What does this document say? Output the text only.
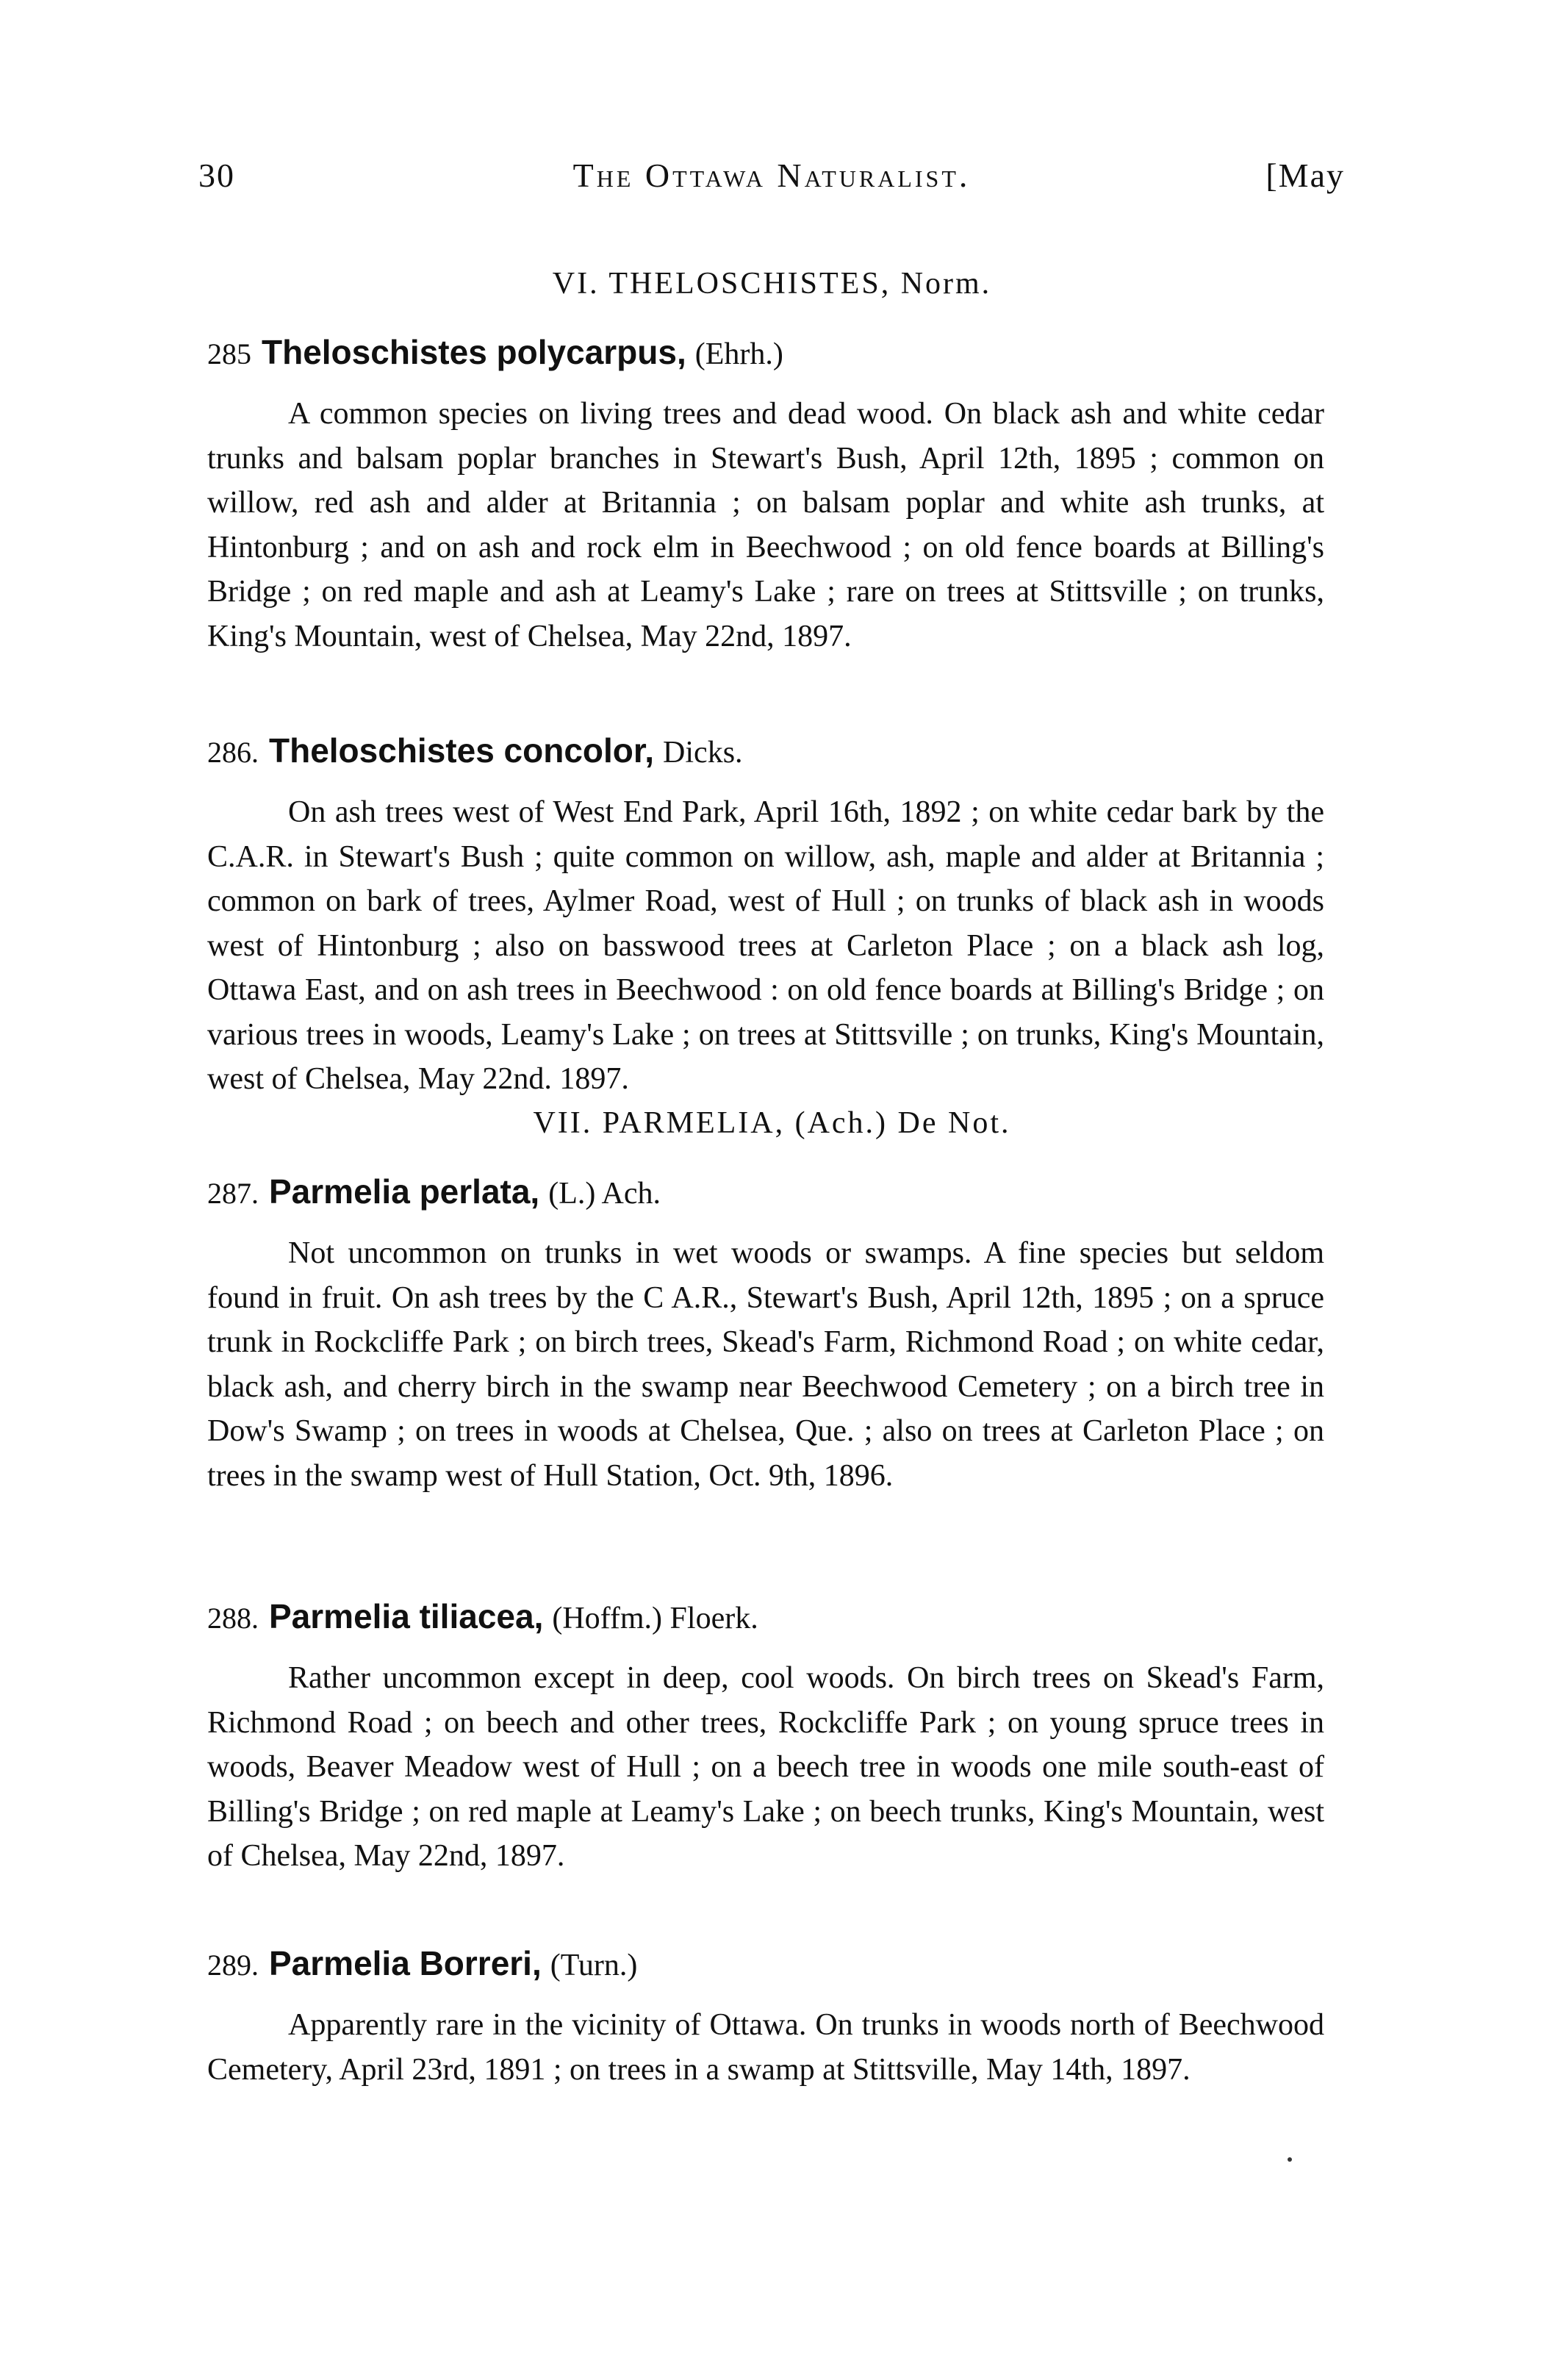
30	The Ottawa Naturalist.	[May
VI. THELOSCHISTES, Norm.
285 Theloschistes polycarpus, (Ehrh.)

A common species on living trees and dead wood. On black ash and white cedar trunks and balsam poplar branches in Stewart's Bush, April 12th, 1895 ; common on willow, red ash and alder at Britannia ; on balsam poplar and white ash trunks, at Hintonburg ; and on ash and rock elm in Beechwood ; on old fence boards at Billing's Bridge ; on red maple and ash at Leamy's Lake ; rare on trees at Stittsville ; on trunks, King's Mountain, west of Chelsea, May 22nd, 1897.

286. Theloschistes concolor, Dicks.

On ash trees west of West End Park, April 16th, 1892 ; on white cedar bark by the C.A.R. in Stewart's Bush ; quite common on willow, ash, maple and alder at Britannia ; common on bark of trees, Aylmer Road, west of Hull ; on trunks of black ash in woods west of Hintonburg ; also on basswood trees at Carleton Place ; on a black ash log, Ottawa East, and on ash trees in Beechwood : on old fence boards at Billing's Bridge ; on various trees in woods, Leamy's Lake ; on trees at Stittsville ; on trunks, King's Mountain, west of Chelsea, May 22nd. 1897.

VII. PARMELIA, (Ach.) De Not.
287. Parmelia perlata, (L.) Ach.

Not uncommon on trunks in wet woods or swamps. A fine species but seldom found in fruit. On ash trees by the C A.R., Stewart's Bush, April 12th, 1895 ; on a spruce trunk in Rockcliffe Park ; on birch trees, Skead's Farm, Richmond Road ; on white cedar, black ash, and cherry birch in the swamp near Beechwood Cemetery ; on a birch tree in Dow's Swamp ; on trees in woods at Chelsea, Que. ; also on trees at Carleton Place ; on trees in the swamp west of Hull Station, Oct. 9th, 1896.

288. Parmelia tiliacea, (Hoffm.) Floerk.

Rather uncommon except in deep, cool woods. On birch trees on Skead's Farm, Richmond Road ; on beech and other trees, Rockcliffe Park ; on young spruce trees in woods, Beaver Meadow west of Hull ; on a beech tree in woods one mile south-east of Billing's Bridge ; on red maple at Leamy's Lake ; on beech trunks, King's Mountain, west of Chelsea, May 22nd, 1897.

289. Parmelia Borreri, (Turn.)

Apparently rare in the vicinity of Ottawa. On trunks in woods north of Beechwood Cemetery, April 23rd, 1891 ; on trees in a swamp at Stittsville, May 14th, 1897.
